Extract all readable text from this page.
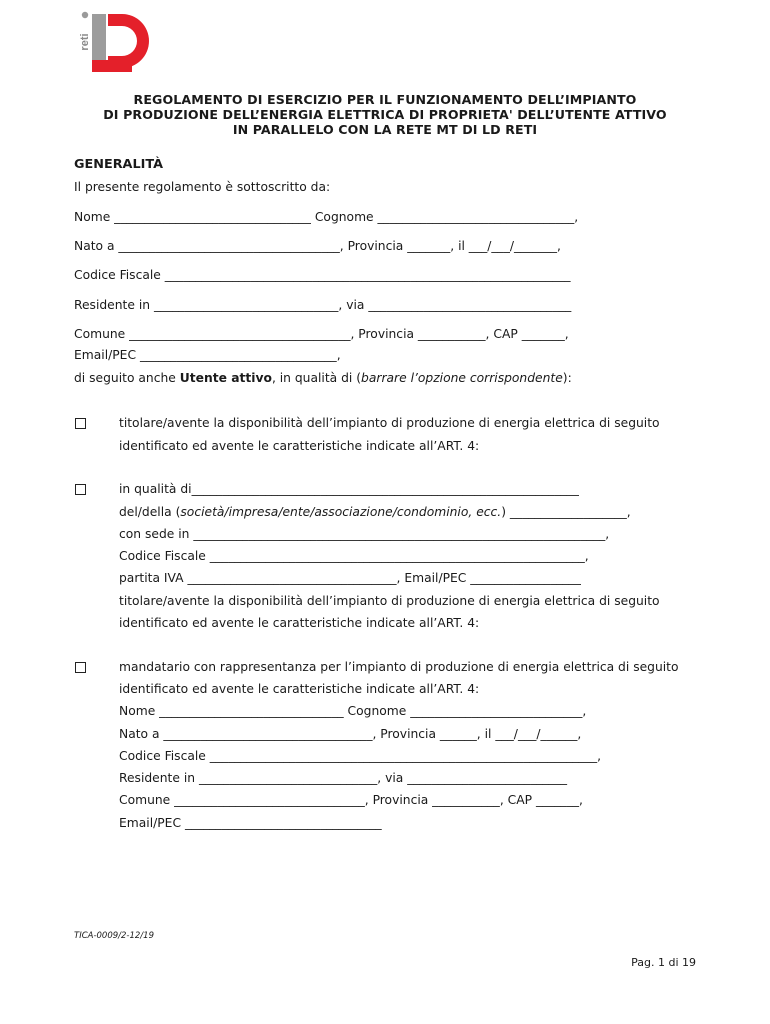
reti
REGOLAMENTO DI ESERCIZIO PER IL FUNZIONAMENTO DELL’IMPIANTO
DI PRODUZIONE DELL’ENERGIA ELETTRICA DI PROPRIETA' DELL’UTENTE ATTIVO
IN PARALLELO CON LA RETE MT DI LD RETI
GENERALITÀ
Il presente regolamento è sottoscritto da:
Nome ________________________________ Cognome ________________________________,
Nato a ____________________________________, Provincia _______, il ___/___/_______,
Codice Fiscale __________________________________________________________________
Residente in ______________________________, via _________________________________
Comune ____________________________________, Provincia ___________, CAP _______,
Email/PEC ________________________________,
di seguito anche Utente attivo, in qualità di (barrare l’opzione corrispondente):
titolare/avente la disponibilità dell’impianto di produzione di energia elettrica di seguito
identificato ed avente le caratteristiche indicate all’ART. 4:
in qualità di_______________________________________________________________
del/della (società/impresa/ente/associazione/condominio, ecc.) ___________________,
con sede in ___________________________________________________________________,
Codice Fiscale _____________________________________________________________,
partita IVA __________________________________, Email/PEC __________________
titolare/avente la disponibilità dell’impianto di produzione di energia elettrica di seguito
identificato ed avente le caratteristiche indicate all’ART. 4:
mandatario con rappresentanza per l’impianto di produzione di energia elettrica di seguito
identificato ed avente le caratteristiche indicate all’ART. 4:
Nome ______________________________ Cognome ____________________________,
Nato a __________________________________, Provincia ______, il ___/___/______,
Codice Fiscale _______________________________________________________________,
Residente in _____________________________, via __________________________
Comune _______________________________, Provincia ___________, CAP _______,
Email/PEC ________________________________
TICA-0009/2-12/19
Pag. 1 di 19
